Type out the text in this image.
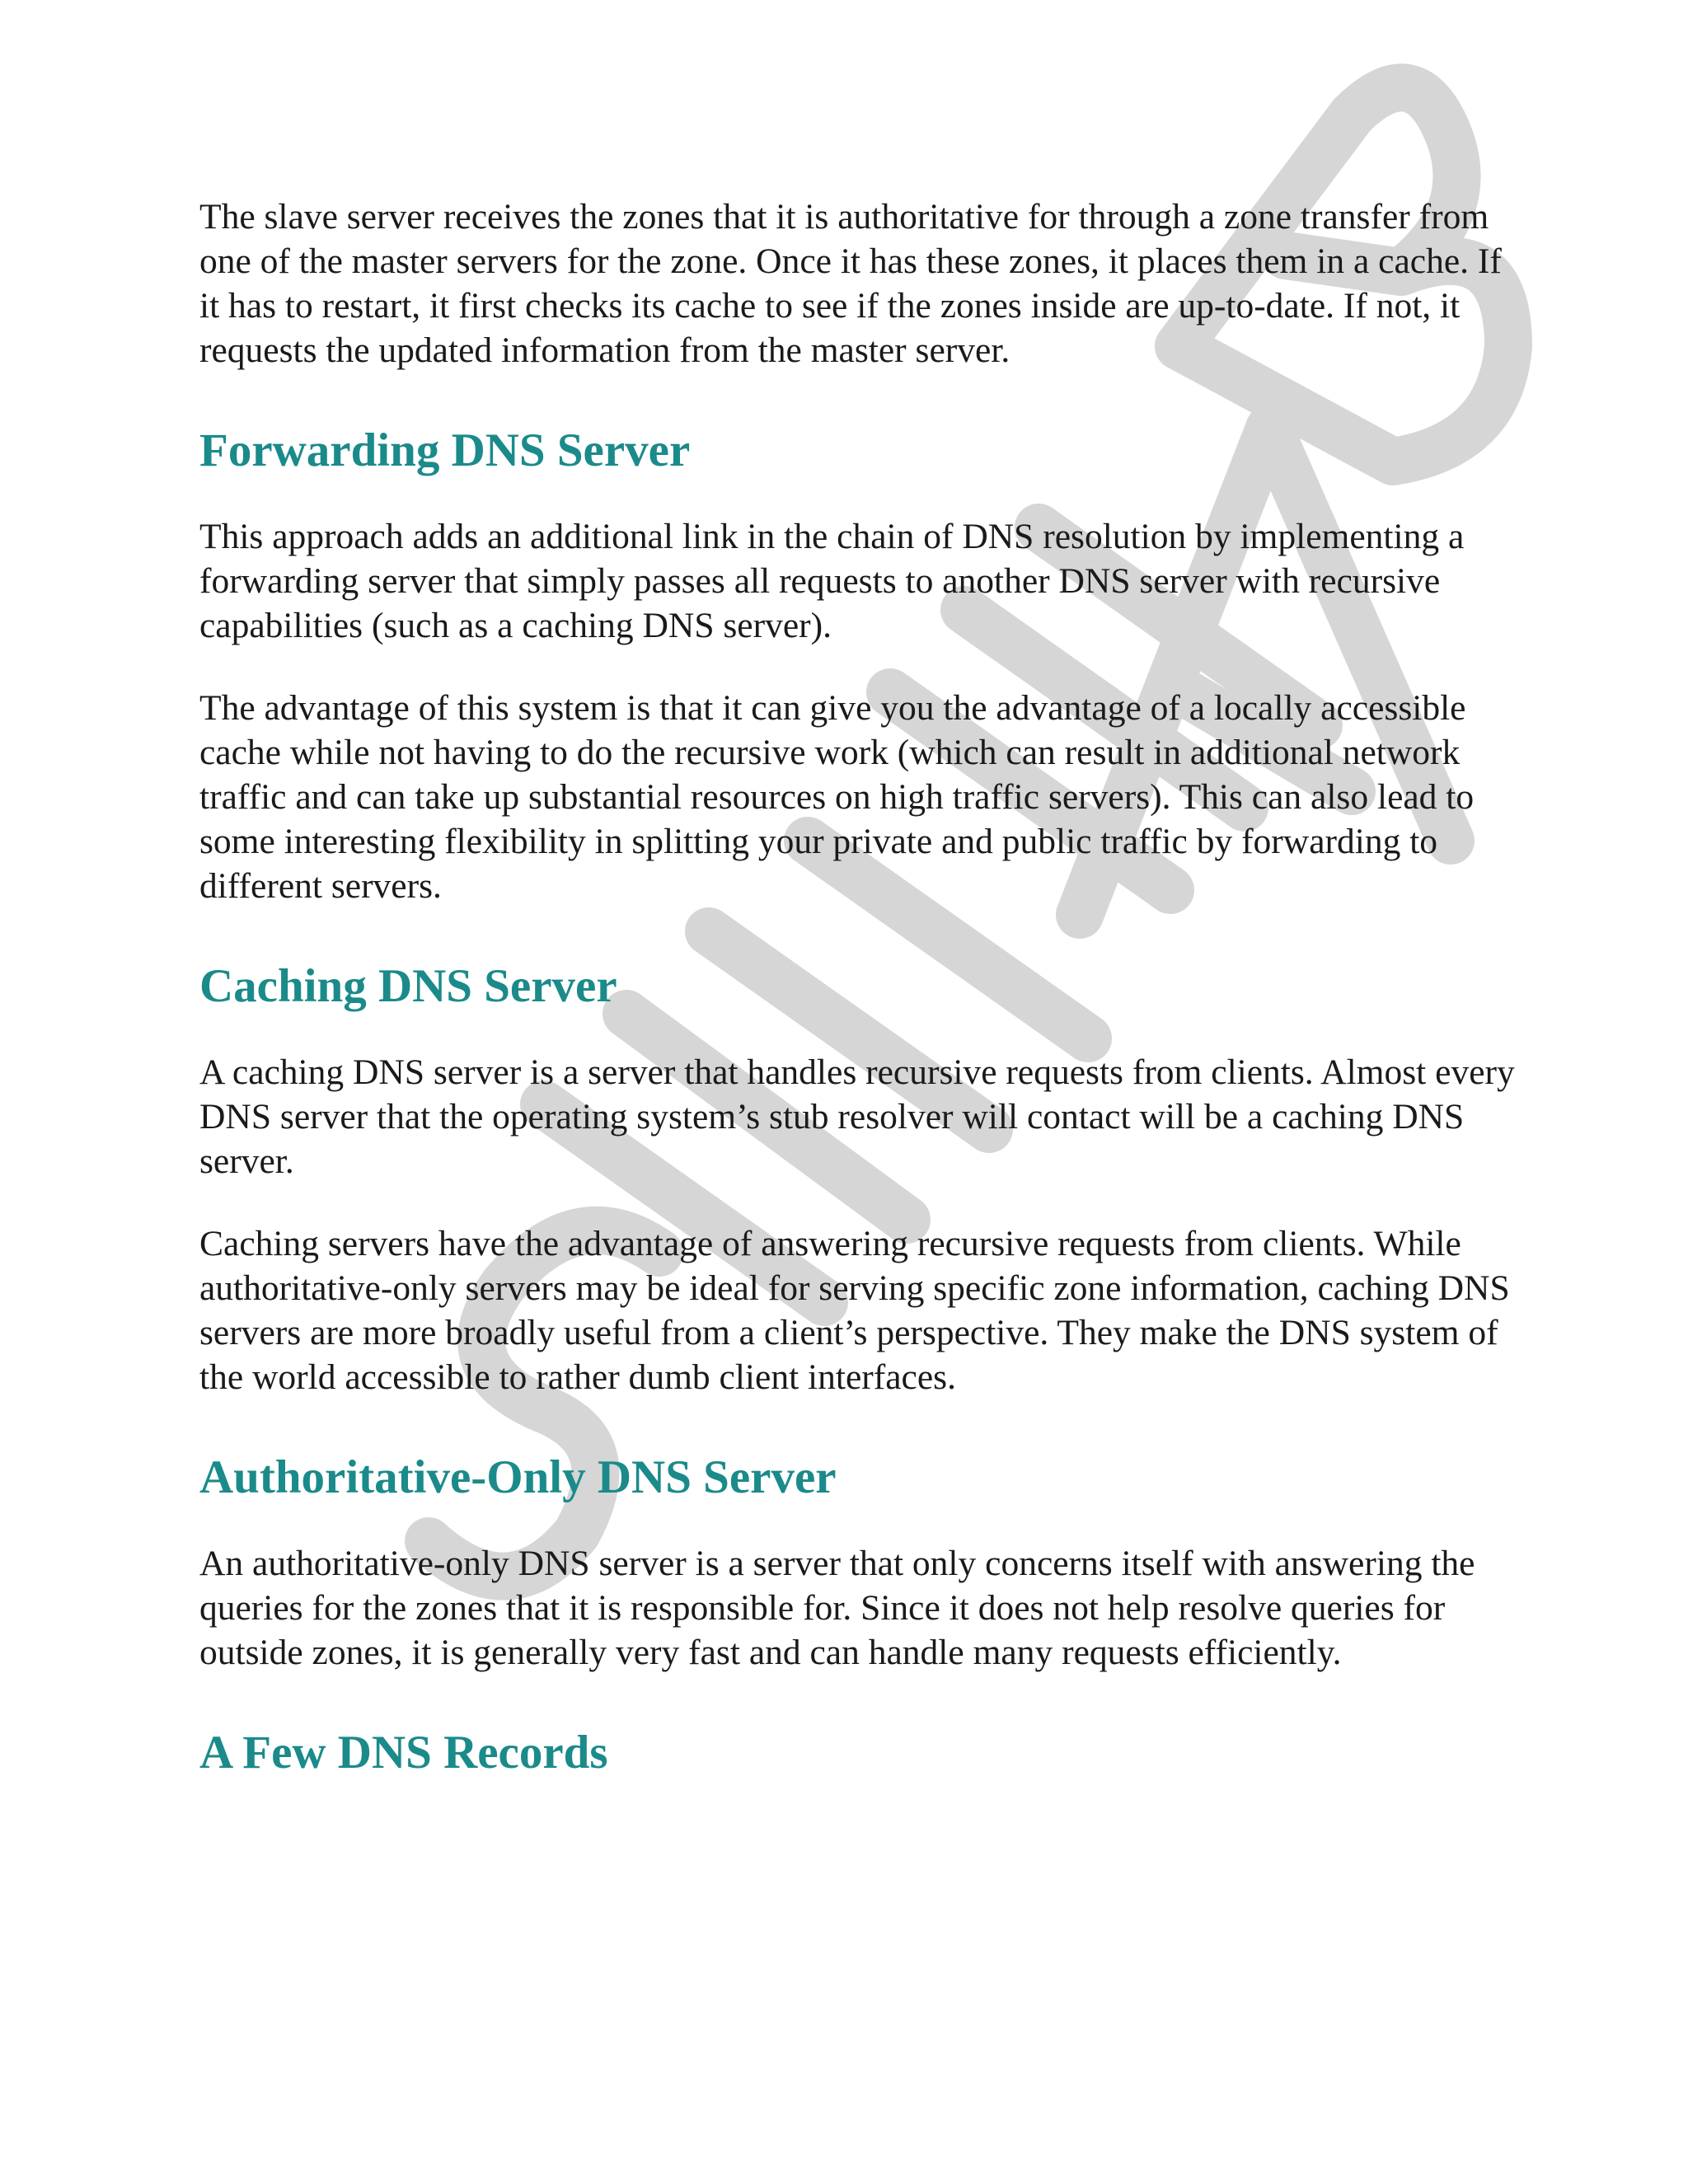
The slave server receives the zones that it is authoritative for through a zone transfer from one of the master servers for the zone. Once it has these zones, it places them in a cache. If it has to restart, it first checks its cache to see if the zones inside are up-to-date. If not, it requests the updated information from the master server.

Forwarding DNS Server

This approach adds an additional link in the chain of DNS resolution by implementing a forwarding server that simply passes all requests to another DNS server with recursive capabilities (such as a caching DNS server).

The advantage of this system is that it can give you the advantage of a locally accessible cache while not having to do the recursive work (which can result in additional network traffic and can take up substantial resources on high traffic servers). This can also lead to some interesting flexibility in splitting your private and public traffic by forwarding to different servers.

Caching DNS Server

A caching DNS server is a server that handles recursive requests from clients. Almost every DNS server that the operating system’s stub resolver will contact will be a caching DNS server.

Caching servers have the advantage of answering recursive requests from clients. While authoritative-only servers may be ideal for serving specific zone information, caching DNS servers are more broadly useful from a client’s perspective. They make the DNS system of the world accessible to rather dumb client interfaces.

Authoritative-Only DNS Server

An authoritative-only DNS server is a server that only concerns itself with answering the queries for the zones that it is responsible for. Since it does not help resolve queries for outside zones, it is generally very fast and can handle many requests efficiently.

A Few DNS Records
